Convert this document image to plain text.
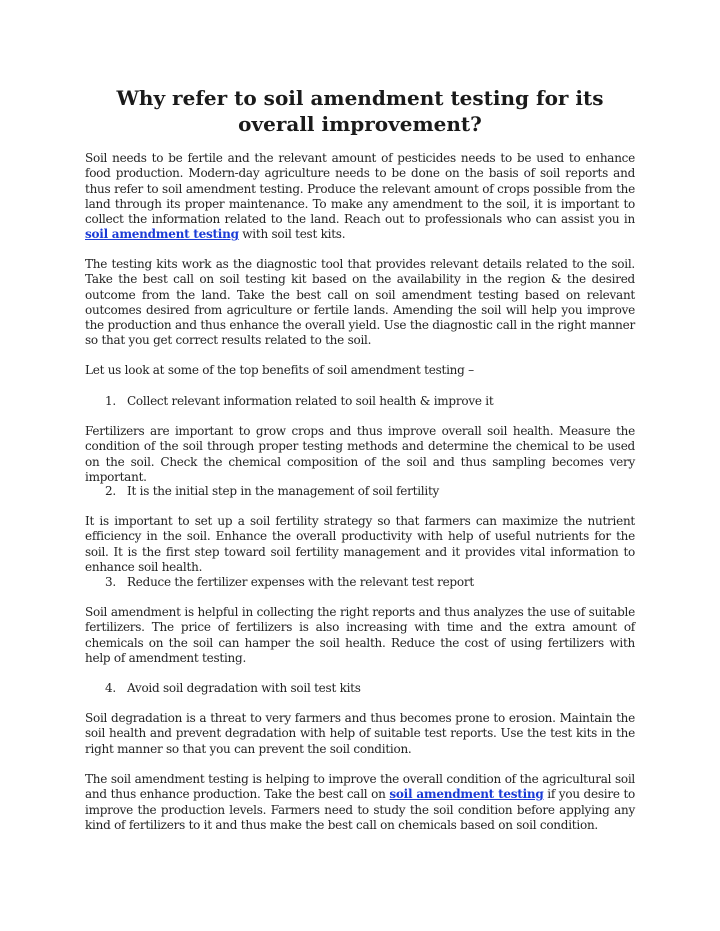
Why refer to soil amendment testing for its overall improvement?

Soil needs to be fertile and the relevant amount of pesticides needs to be used to enhance food production. Modern-day agriculture needs to be done on the basis of soil reports and thus refer to soil amendment testing. Produce the relevant amount of crops possible from the land through its proper maintenance. To make any amendment to the soil, it is important to collect the information related to the land. Reach out to professionals who can assist you in soil amendment testing with soil test kits.

The testing kits work as the diagnostic tool that provides relevant details related to the soil. Take the best call on soil testing kit based on the availability in the region & the desired outcome from the land. Take the best call on soil amendment testing based on relevant outcomes desired from agriculture or fertile lands. Amending the soil will help you improve the production and thus enhance the overall yield. Use the diagnostic call in the right manner so that you get correct results related to the soil.

Let us look at some of the top benefits of soil amendment testing –

1. Collect relevant information related to soil health & improve it

Fertilizers are important to grow crops and thus improve overall soil health. Measure the condition of the soil through proper testing methods and determine the chemical to be used on the soil. Check the chemical composition of the soil and thus sampling becomes very important.

2. It is the initial step in the management of soil fertility

It is important to set up a soil fertility strategy so that farmers can maximize the nutrient efficiency in the soil. Enhance the overall productivity with help of useful nutrients for the soil. It is the first step toward soil fertility management and it provides vital information to enhance soil health.

3. Reduce the fertilizer expenses with the relevant test report

Soil amendment is helpful in collecting the right reports and thus analyzes the use of suitable fertilizers. The price of fertilizers is also increasing with time and the extra amount of chemicals on the soil can hamper the soil health. Reduce the cost of using fertilizers with help of amendment testing.

4. Avoid soil degradation with soil test kits

Soil degradation is a threat to very farmers and thus becomes prone to erosion. Maintain the soil health and prevent degradation with help of suitable test reports. Use the test kits in the right manner so that you can prevent the soil condition.

The soil amendment testing is helping to improve the overall condition of the agricultural soil and thus enhance production. Take the best call on soil amendment testing if you desire to improve the production levels. Farmers need to study the soil condition before applying any kind of fertilizers to it and thus make the best call on chemicals based on soil condition.
